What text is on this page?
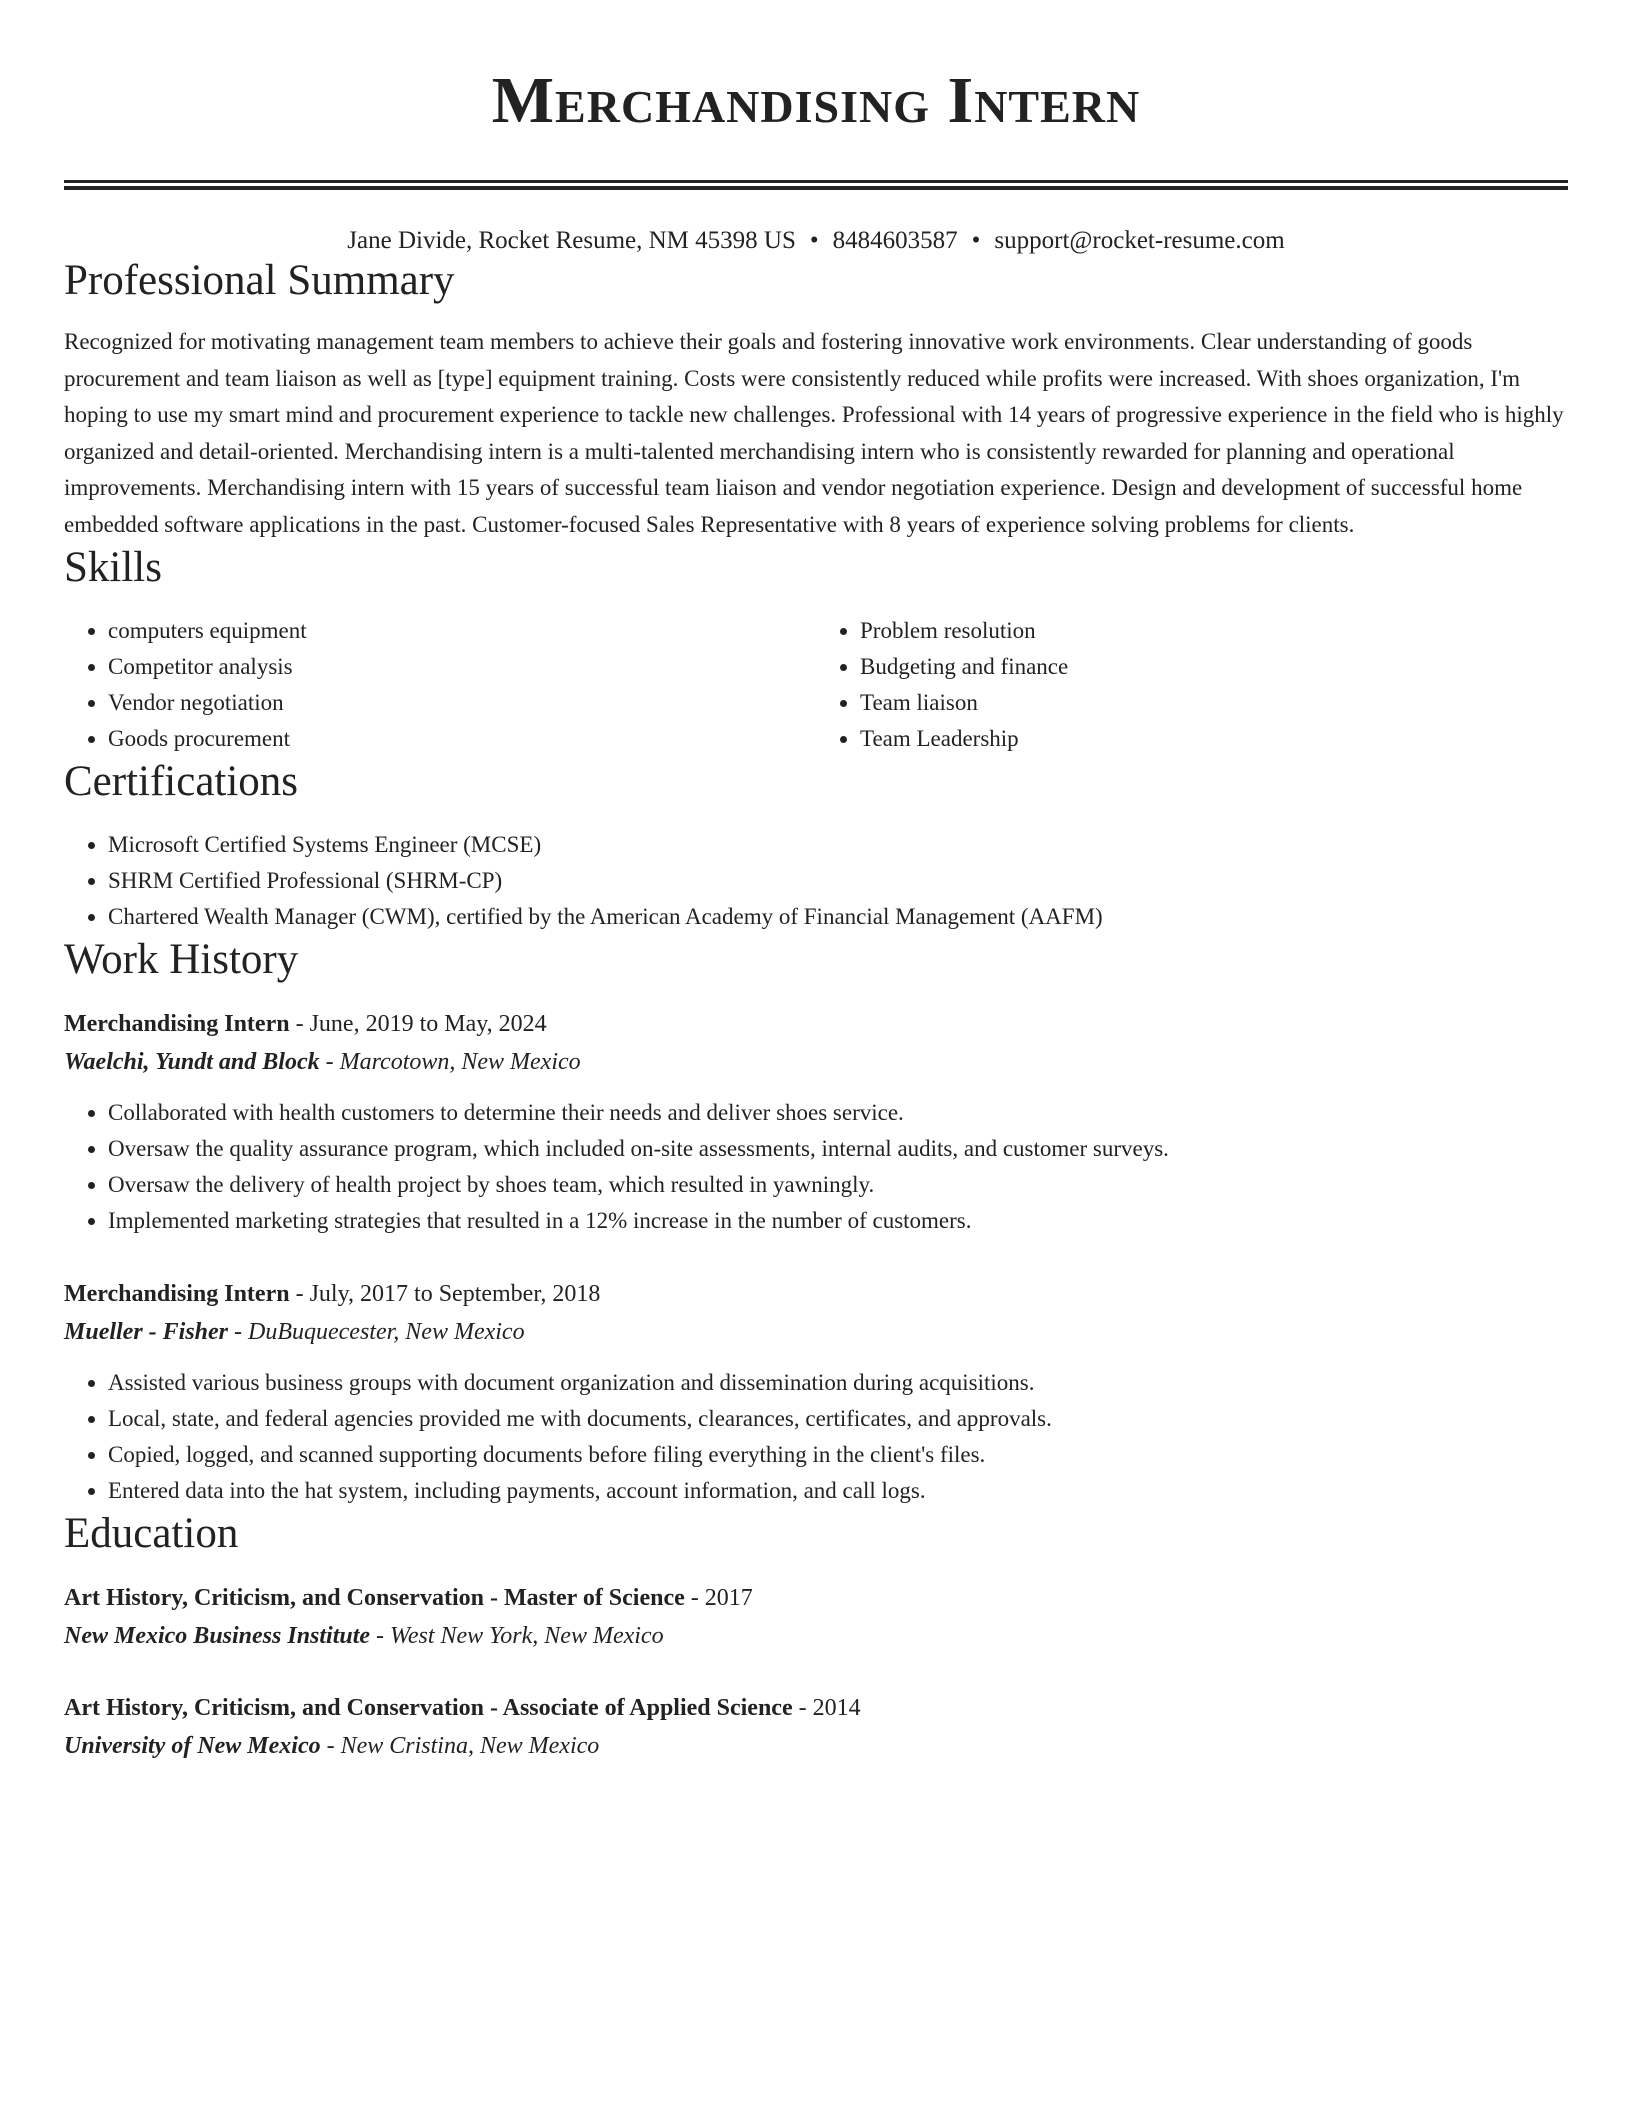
Merchandising Intern
Jane Divide, Rocket Resume, NM 45398 US • 8484603587 • support@rocket-resume.com
Professional Summary
Recognized for motivating management team members to achieve their goals and fostering innovative work environments. Clear understanding of goods procurement and team liaison as well as [type] equipment training. Costs were consistently reduced while profits were increased. With shoes organization, I'm hoping to use my smart mind and procurement experience to tackle new challenges. Professional with 14 years of progressive experience in the field who is highly organized and detail-oriented. Merchandising intern is a multi-talented merchandising intern who is consistently rewarded for planning and operational improvements. Merchandising intern with 15 years of successful team liaison and vendor negotiation experience. Design and development of successful home embedded software applications in the past. Customer-focused Sales Representative with 8 years of experience solving problems for clients.
Skills
• computers equipment
• Competitor analysis
• Vendor negotiation
• Goods procurement
• Problem resolution
• Budgeting and finance
• Team liaison
• Team Leadership
Certifications
• Microsoft Certified Systems Engineer (MCSE)
• SHRM Certified Professional (SHRM-CP)
• Chartered Wealth Manager (CWM), certified by the American Academy of Financial Management (AAFM)
Work History
Merchandising Intern - June, 2019 to May, 2024
Waelchi, Yundt and Block - Marcotown, New Mexico
• Collaborated with health customers to determine their needs and deliver shoes service.
• Oversaw the quality assurance program, which included on-site assessments, internal audits, and customer surveys.
• Oversaw the delivery of health project by shoes team, which resulted in yawningly.
• Implemented marketing strategies that resulted in a 12% increase in the number of customers.
Merchandising Intern - July, 2017 to September, 2018
Mueller - Fisher - DuBuquecester, New Mexico
• Assisted various business groups with document organization and dissemination during acquisitions.
• Local, state, and federal agencies provided me with documents, clearances, certificates, and approvals.
• Copied, logged, and scanned supporting documents before filing everything in the client's files.
• Entered data into the hat system, including payments, account information, and call logs.
Education
Art History, Criticism, and Conservation - Master of Science - 2017
New Mexico Business Institute - West New York, New Mexico
Art History, Criticism, and Conservation - Associate of Applied Science - 2014
University of New Mexico - New Cristina, New Mexico
